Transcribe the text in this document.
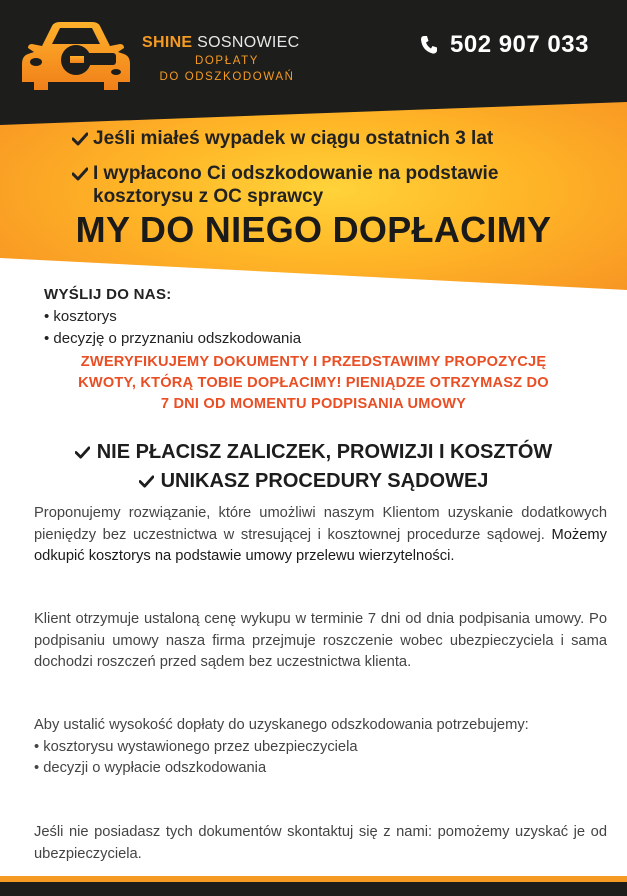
SHINE SOSNOWIEC
DOPŁATY
DO ODSZKODOWAŃ
502 907 033
Jeśli miałeś wypadek w ciągu ostatnich 3 lat
I wypłacono Ci odszkodowanie na podstawie kosztorysu z OC sprawcy
MY DO NIEGO DOPŁACIMY
WYŚLIJ DO NAS:
• kosztorys
• decyzję o przyznaniu odszkodowania
ZWERYFIKUJEMY DOKUMENTY I PRZEDSTAWIMY PROPOZYCJĘ
KWOTY, KTÓRĄ TOBIE DOPŁACIMY! PIENIĄDZE OTRZYMASZ DO
7 DNI OD MOMENTU PODPISANIA UMOWY
NIE PŁACISZ ZALICZEK, PROWIZJI I KOSZTÓW
UNIKASZ PROCEDURY SĄDOWEJ

Proponujemy rozwiązanie, które umożliwi naszym Klientom uzyskanie dodatkowych pieniędzy bez uczestnictwa w stresującej i kosztownej procedurze sądowej. Możemy odkupić kosztorys na podstawie umowy przelewu wierzytelności.

Klient otrzymuje ustaloną cenę wykupu w terminie 7 dni od dnia podpisania umowy. Po podpisaniu umowy nasza firma przejmuje roszczenie wobec ubezpieczyciela i sama dochodzi roszczeń przed sądem bez uczestnictwa klienta.

Aby ustalić wysokość dopłaty do uzyskanego odszkodowania potrzebujemy:
• kosztorysu wystawionego przez ubezpieczyciela
• decyzji o wypłacie odszkodowania

Jeśli nie posiadasz tych dokumentów skontaktuj się z nami: pomożemy uzyskać je od ubezpieczyciela.
